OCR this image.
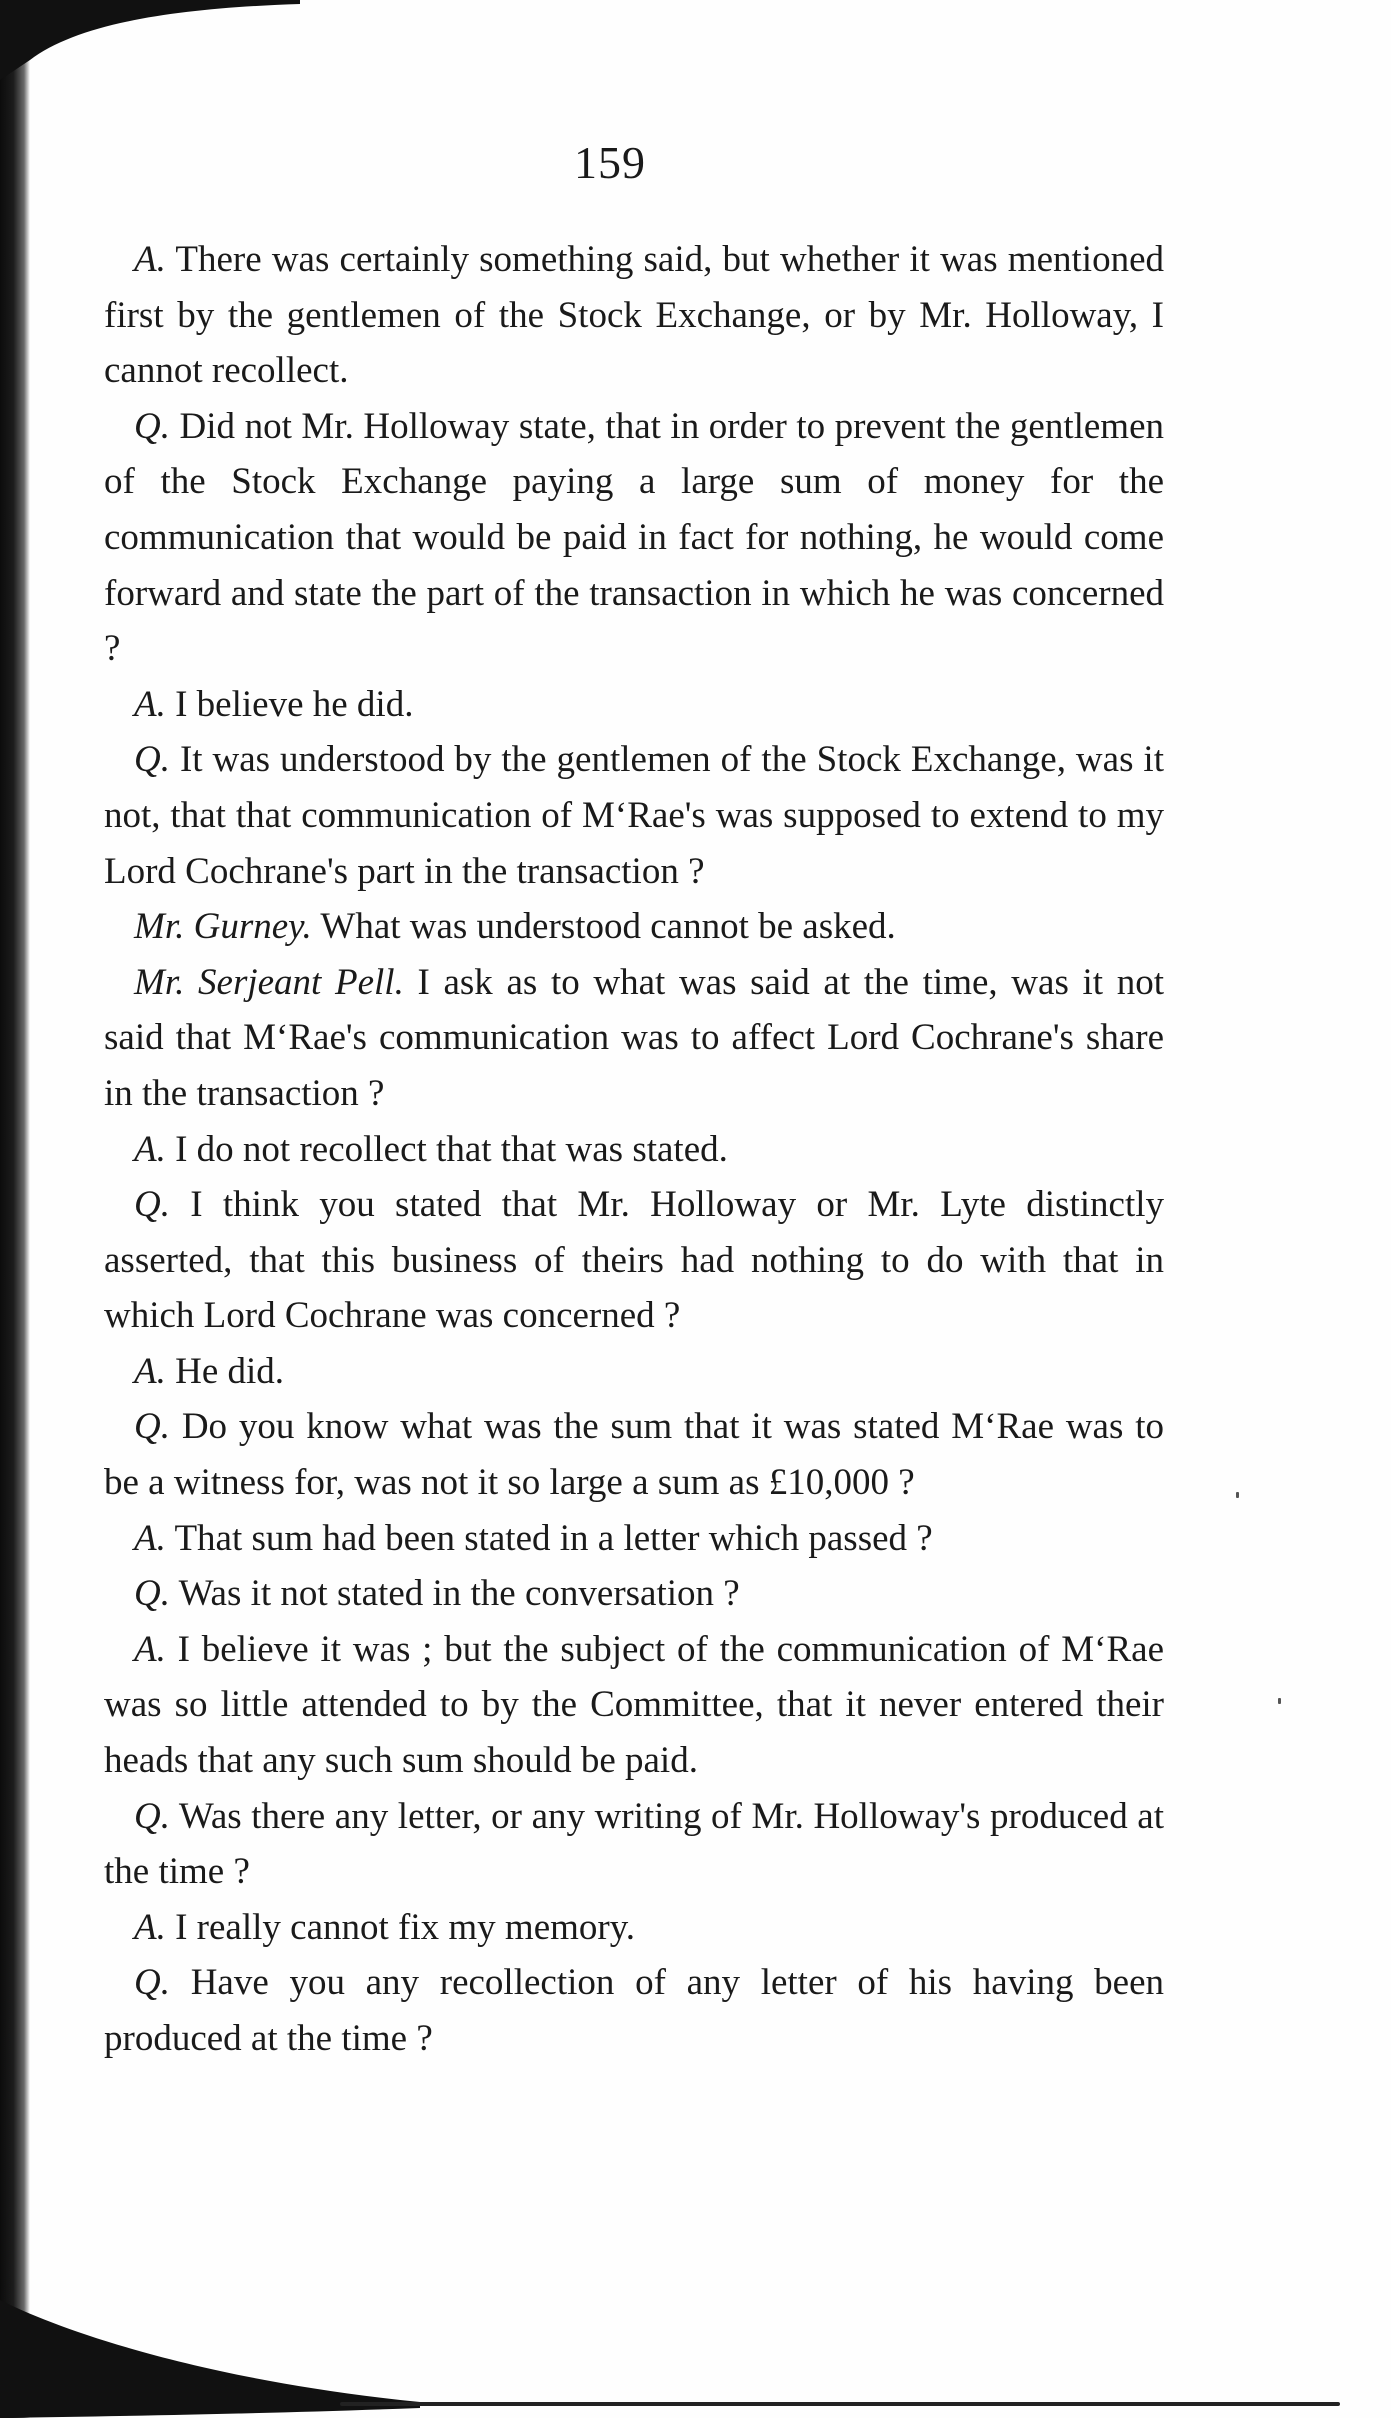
159

A. There was certainly something said, but whether it was mentioned first by the gentlemen of the Stock Exchange, or by Mr. Holloway, I cannot recollect.

Q. Did not Mr. Holloway state, that in order to prevent the gentlemen of the Stock Exchange paying a large sum of money for the communication that would be paid in fact for nothing, he would come forward and state the part of the transaction in which he was concerned ?

A. I believe he did.

Q. It was understood by the gentlemen of the Stock Exchange, was it not, that that communication of M‘Rae's was supposed to extend to my Lord Cochrane's part in the transaction ?

Mr. Gurney. What was understood cannot be asked.

Mr. Serjeant Pell. I ask as to what was said at the time, was it not said that M‘Rae's communication was to affect Lord Cochrane's share in the transaction ?

A. I do not recollect that that was stated.

Q. I think you stated that Mr. Holloway or Mr. Lyte distinctly asserted, that this business of theirs had nothing to do with that in which Lord Cochrane was concerned ?

A. He did.

Q. Do you know what was the sum that it was stated M‘Rae was to be a witness for, was not it so large a sum as £10,000 ?

A. That sum had been stated in a letter which passed ?

Q. Was it not stated in the conversation ?

A. I believe it was ; but the subject of the communication of M‘Rae was so little attended to by the Committee, that it never entered their heads that any such sum should be paid.

Q. Was there any letter, or any writing of Mr. Holloway's produced at the time ?

A. I really cannot fix my memory.

Q. Have you any recollection of any letter of his having been produced at the time ?
